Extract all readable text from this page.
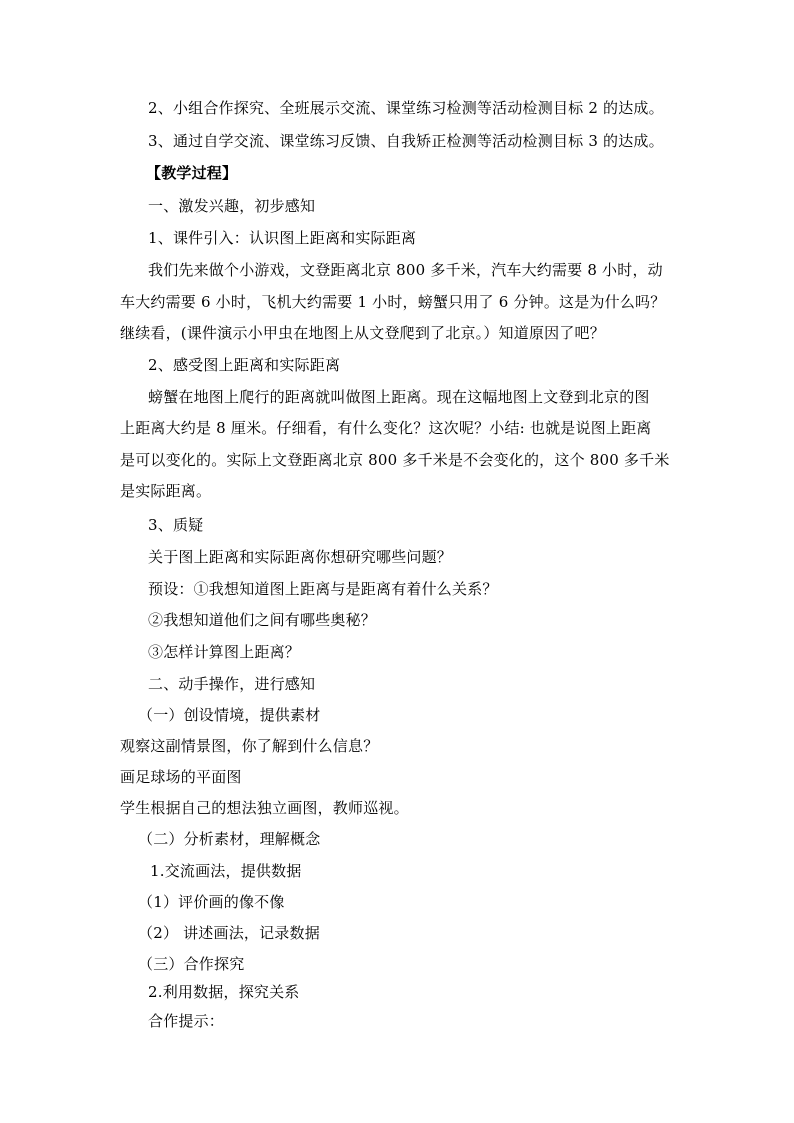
2、小组合作探究、全班展示交流、课堂练习检测等活动检测目标 2 的达成。
3、通过自学交流、课堂练习反馈、自我矫正检测等活动检测目标 3 的达成。
【教学过程】
一、激发兴趣，初步感知
1、课件引入：认识图上距离和实际距离
我们先来做个小游戏，文登距离北京 800 多千米，汽车大约需要 8 小时，动
车大约需要 6 小时，飞机大约需要 1 小时，螃蟹只用了 6 分钟。这是为什么吗？
继续看，(课件演示小甲虫在地图上从文登爬到了北京。）知道原因了吧？
2、感受图上距离和实际距离
螃蟹在地图上爬行的距离就叫做图上距离。现在这幅地图上文登到北京的图
上距离大约是 8 厘米。仔细看，有什么变化？这次呢？小结: 也就是说图上距离
是可以变化的。实际上文登距离北京 800 多千米是不会变化的，这个 800 多千米
是实际距离。
3、质疑
关于图上距离和实际距离你想研究哪些问题？
预设：①我想知道图上距离与是距离有着什么关系？
②我想知道他们之间有哪些奥秘？
③怎样计算图上距离？
二、动手操作，进行感知
（一）创设情境，提供素材
观察这副情景图，你了解到什么信息？
画足球场的平面图
学生根据自己的想法独立画图，教师巡视。
（二）分析素材，理解概念
1.交流画法，提供数据
（1）评价画的像不像
（2） 讲述画法，记录数据
（三）合作探究
2.利用数据，探究关系
合作提示：
